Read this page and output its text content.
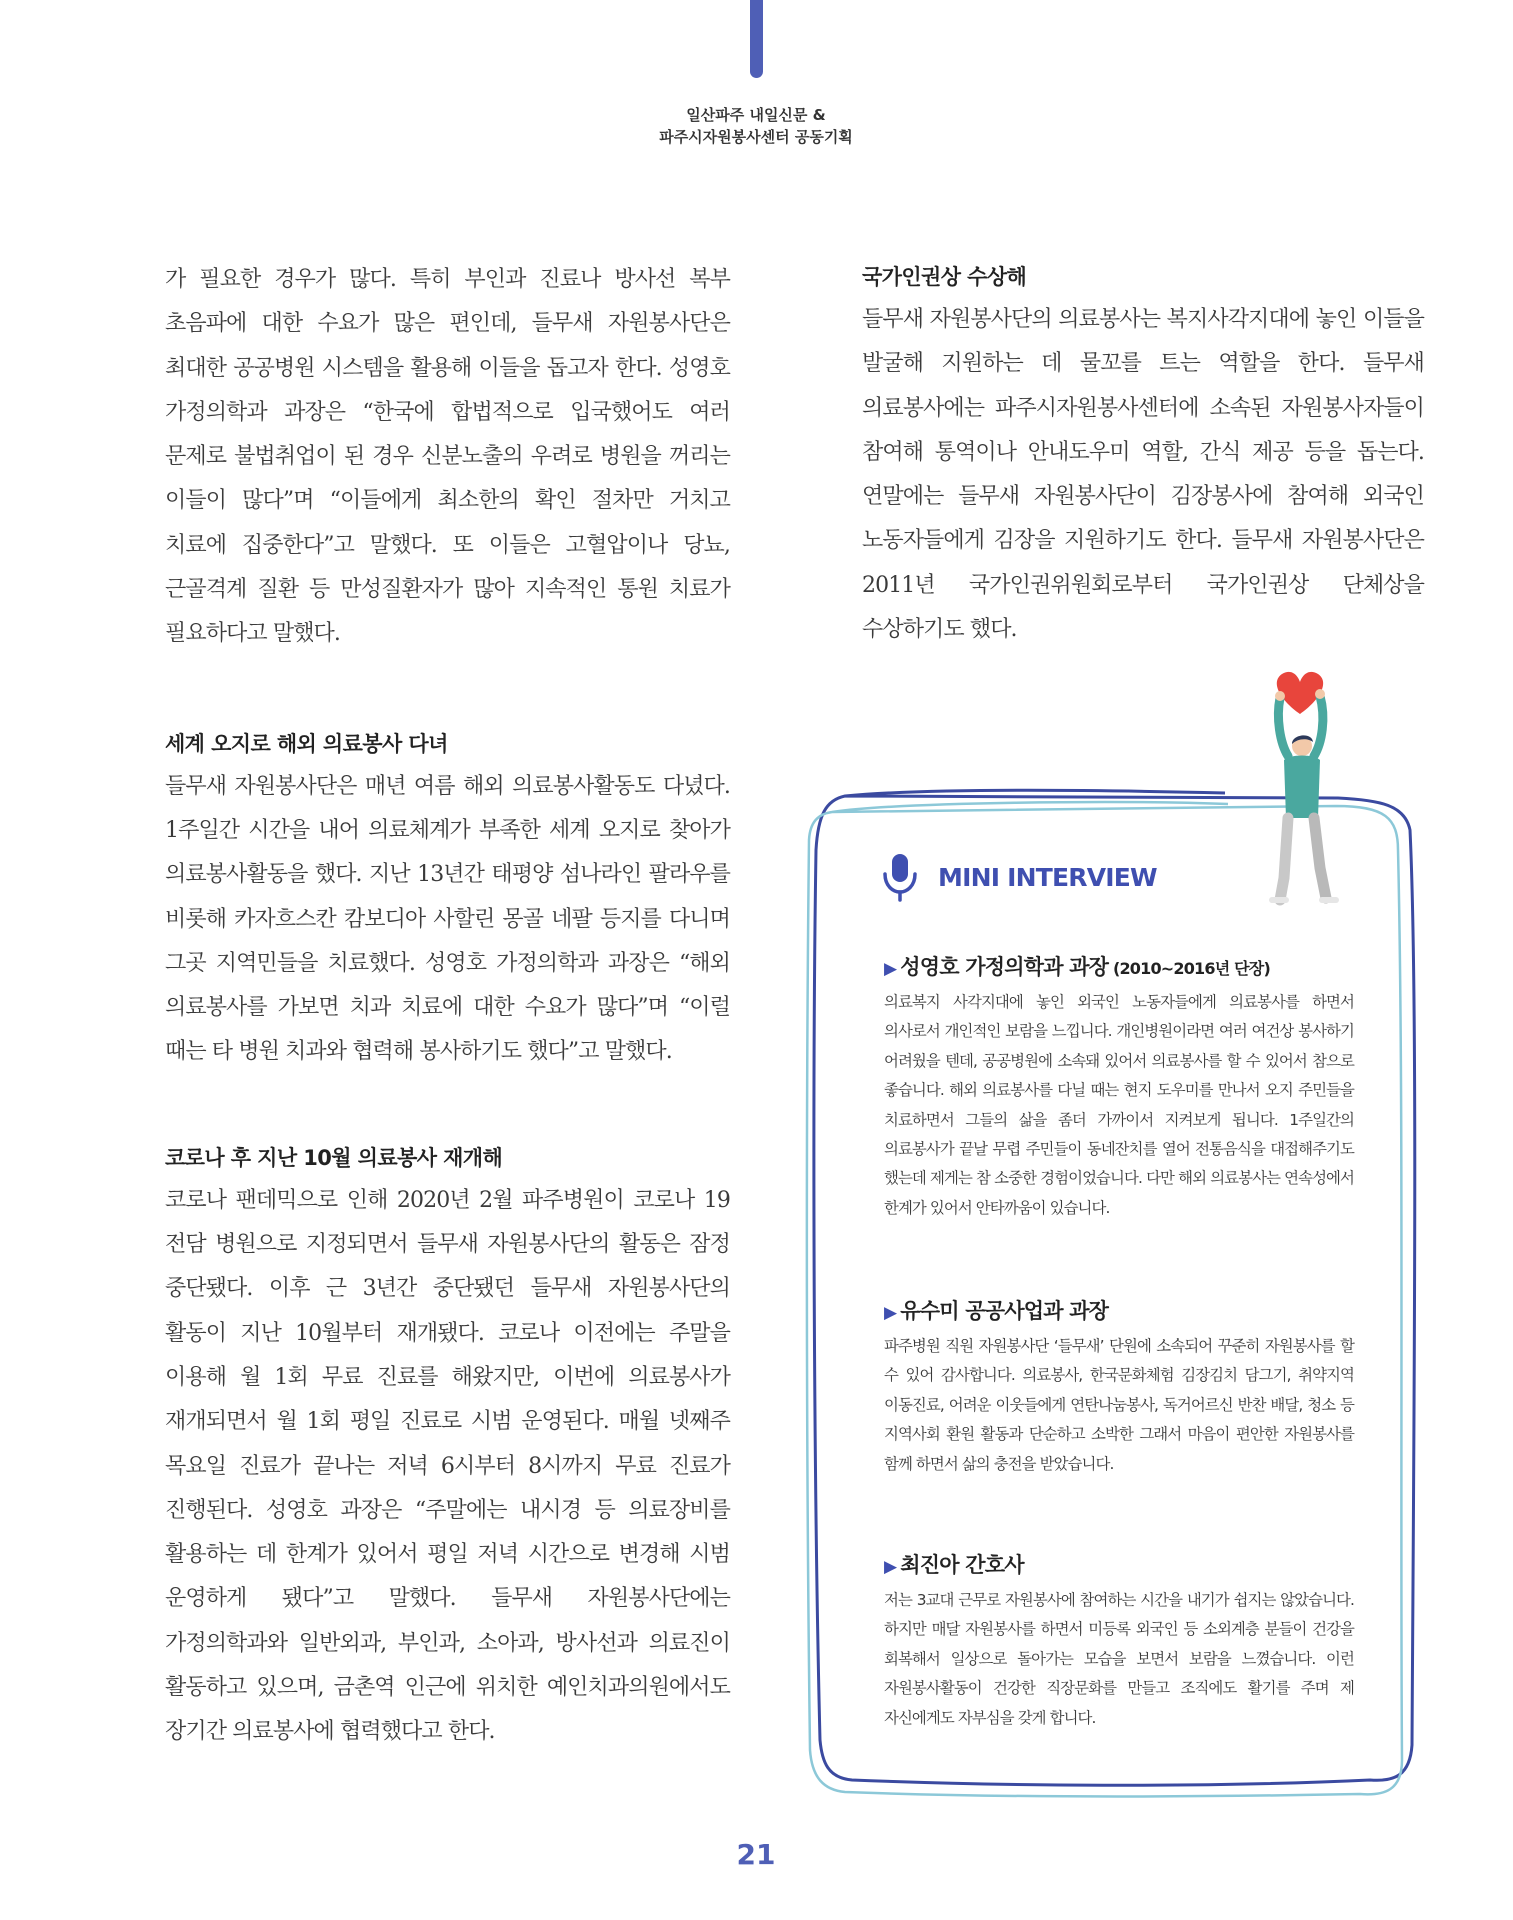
일산파주 내일신문 &
파주시자원봉사센터 공동기획

가 필요한 경우가 많다. 특히 부인과 진료나 방사선 복부 초음파에 대한 수요가 많은 편인데, 들무새 자원봉사단은 최대한 공공병원 시스템을 활용해 이들을 돕고자 한다. 성영호 가정의학과 과장은 “한국에 합법적으로 입국했어도 여러 문제로 불법취업이 된 경우 신분노출의 우려로 병원을 꺼리는 이들이 많다”며 “이들에게 최소한의 확인 절차만 거치고 치료에 집중한다”고 말했다. 또 이들은 고혈압이나 당뇨, 근골격계 질환 등 만성질환자가 많아 지속적인 통원 치료가 필요하다고 말했다.

세계 오지로 해외 의료봉사 다녀

들무새 자원봉사단은 매년 여름 해외 의료봉사활동도 다녔다. 1주일간 시간을 내어 의료체계가 부족한 세계 오지로 찾아가 의료봉사활동을 했다. 지난 13년간 태평양 섬나라인 팔라우를 비롯해 카자흐스칸 캄보디아 사할린 몽골 네팔 등지를 다니며 그곳 지역민들을 치료했다. 성영호 가정의학과 과장은 “해외 의료봉사를 가보면 치과 치료에 대한 수요가 많다”며 “이럴 때는 타 병원 치과와 협력해 봉사하기도 했다”고 말했다.

코로나 후 지난 10월 의료봉사 재개해

코로나 팬데믹으로 인해 2020년 2월 파주병원이 코로나 19 전담 병원으로 지정되면서 들무새 자원봉사단의 활동은 잠정 중단됐다. 이후 근 3년간 중단됐던 들무새 자원봉사단의 활동이 지난 10월부터 재개됐다. 코로나 이전에는 주말을 이용해 월 1회 무료 진료를 해왔지만, 이번에 의료봉사가 재개되면서 월 1회 평일 진료로 시범 운영된다. 매월 넷째주 목요일 진료가 끝나는 저녁 6시부터 8시까지 무료 진료가 진행된다. 성영호 과장은 “주말에는 내시경 등 의료장비를 활용하는 데 한계가 있어서 평일 저녁 시간으로 변경해 시범 운영하게 됐다”고 말했다. 들무새 자원봉사단에는 가정의학과와 일반외과, 부인과, 소아과, 방사선과 의료진이 활동하고 있으며, 금촌역 인근에 위치한 예인치과의원에서도 장기간 의료봉사에 협력했다고 한다.

국가인권상 수상해

들무새 자원봉사단의 의료봉사는 복지사각지대에 놓인 이들을 발굴해 지원하는 데 물꼬를 트는 역할을 한다. 들무새 의료봉사에는 파주시자원봉사센터에 소속된 자원봉사자들이 참여해 통역이나 안내도우미 역할, 간식 제공 등을 돕는다. 연말에는 들무새 자원봉사단이 김장봉사에 참여해 외국인 노동자들에게 김장을 지원하기도 한다. 들무새 자원봉사단은 2011년 국가인권위원회로부터 국가인권상 단체상을 수상하기도 했다.

MINI INTERVIEW
▶ 성영호 가정의학과 과장 (2010~2016년 단장)

의료복지 사각지대에 놓인 외국인 노동자들에게 의료봉사를 하면서 의사로서 개인적인 보람을 느낍니다. 개인병원이라면 여러 여건상 봉사하기 어려웠을 텐데, 공공병원에 소속돼 있어서 의료봉사를 할 수 있어서 참으로 좋습니다. 해외 의료봉사를 다닐 때는 현지 도우미를 만나서 오지 주민들을 치료하면서 그들의 삶을 좀더 가까이서 지켜보게 됩니다. 1주일간의 의료봉사가 끝날 무렵 주민들이 동네잔치를 열어 전통음식을 대접해주기도 했는데 제게는 참 소중한 경험이었습니다. 다만 해외 의료봉사는 연속성에서 한계가 있어서 안타까움이 있습니다.

▶ 유수미 공공사업과 과장

파주병원 직원 자원봉사단 ‘들무새’ 단원에 소속되어 꾸준히 자원봉사를 할 수 있어 감사합니다. 의료봉사, 한국문화체험 김장김치 담그기, 취약지역 이동진료, 어려운 이웃들에게 연탄나눔봉사, 독거어르신 반찬 배달, 청소 등 지역사회 환원 활동과 단순하고 소박한 그래서 마음이 편안한 자원봉사를 함께 하면서 삶의 충전을 받았습니다.

▶ 최진아 간호사

저는 3교대 근무로 자원봉사에 참여하는 시간을 내기가 쉽지는 않았습니다. 하지만 매달 자원봉사를 하면서 미등록 외국인 등 소외계층 분들이 건강을 회복해서 일상으로 돌아가는 모습을 보면서 보람을 느꼈습니다. 이런 자원봉사활동이 건강한 직장문화를 만들고 조직에도 활기를 주며 제 자신에게도 자부심을 갖게 합니다.

21
